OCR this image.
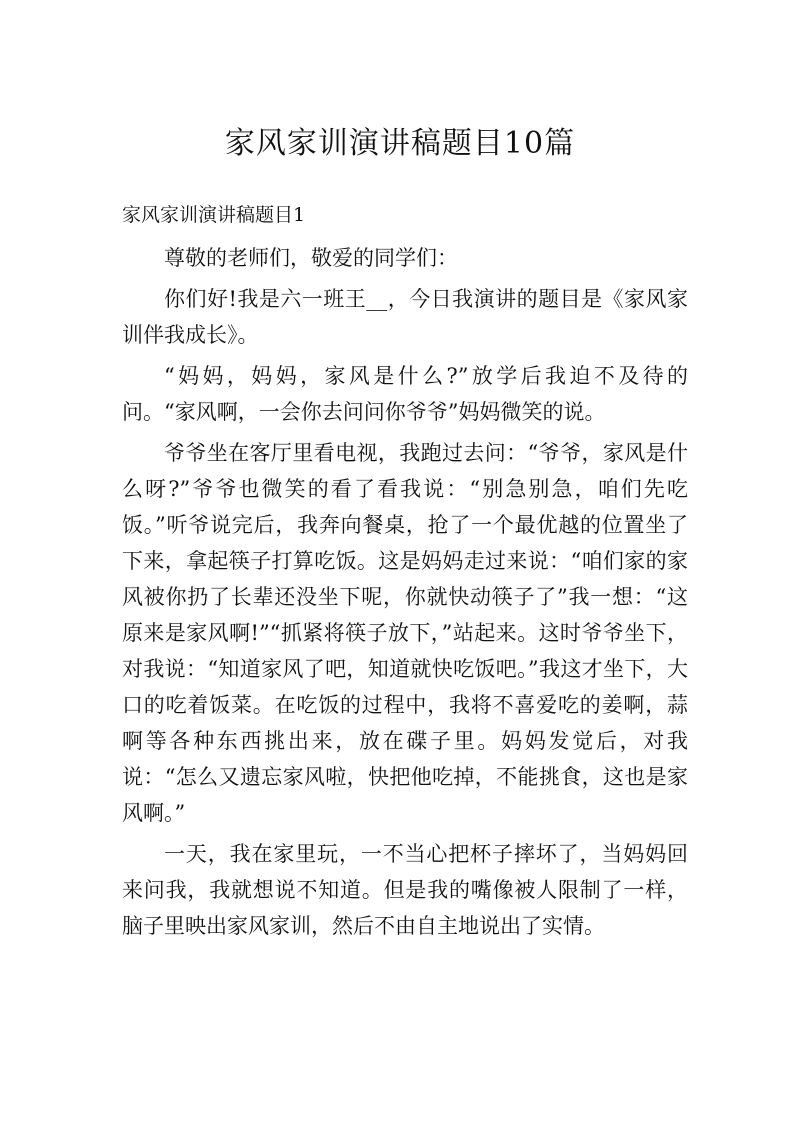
家风家训演讲稿题目10篇
家风家训演讲稿题目1

尊敬的老师们，敬爱的同学们：

你们好!我是六一班王__，今日我演讲的题目是《家风家训伴我成长》。

“妈妈，妈妈，家风是什么?”放学后我迫不及待的问。“家风啊，一会你去问问你爷爷”妈妈微笑的说。

爷爷坐在客厅里看电视，我跑过去问：“爷爷，家风是什么呀?”爷爷也微笑的看了看我说：“别急别急，咱们先吃饭。”听爷说完后，我奔向餐桌，抢了一个最优越的位置坐了下来，拿起筷子打算吃饭。这是妈妈走过来说：“咱们家的家风被你扔了长辈还没坐下呢，你就快动筷子了”我一想：“这原来是家风啊!”“抓紧将筷子放下，”站起来。这时爷爷坐下，对我说：“知道家风了吧，知道就快吃饭吧。”我这才坐下，大口的吃着饭菜。在吃饭的过程中，我将不喜爱吃的姜啊，蒜啊等各种东西挑出来，放在碟子里。妈妈发觉后，对我说：“怎么又遗忘家风啦，快把他吃掉，不能挑食，这也是家风啊。”

一天，我在家里玩，一不当心把杯子摔坏了，当妈妈回来问我，我就想说不知道。但是我的嘴像被人限制了一样，脑子里映出家风家训，然后不由自主地说出了实情。
